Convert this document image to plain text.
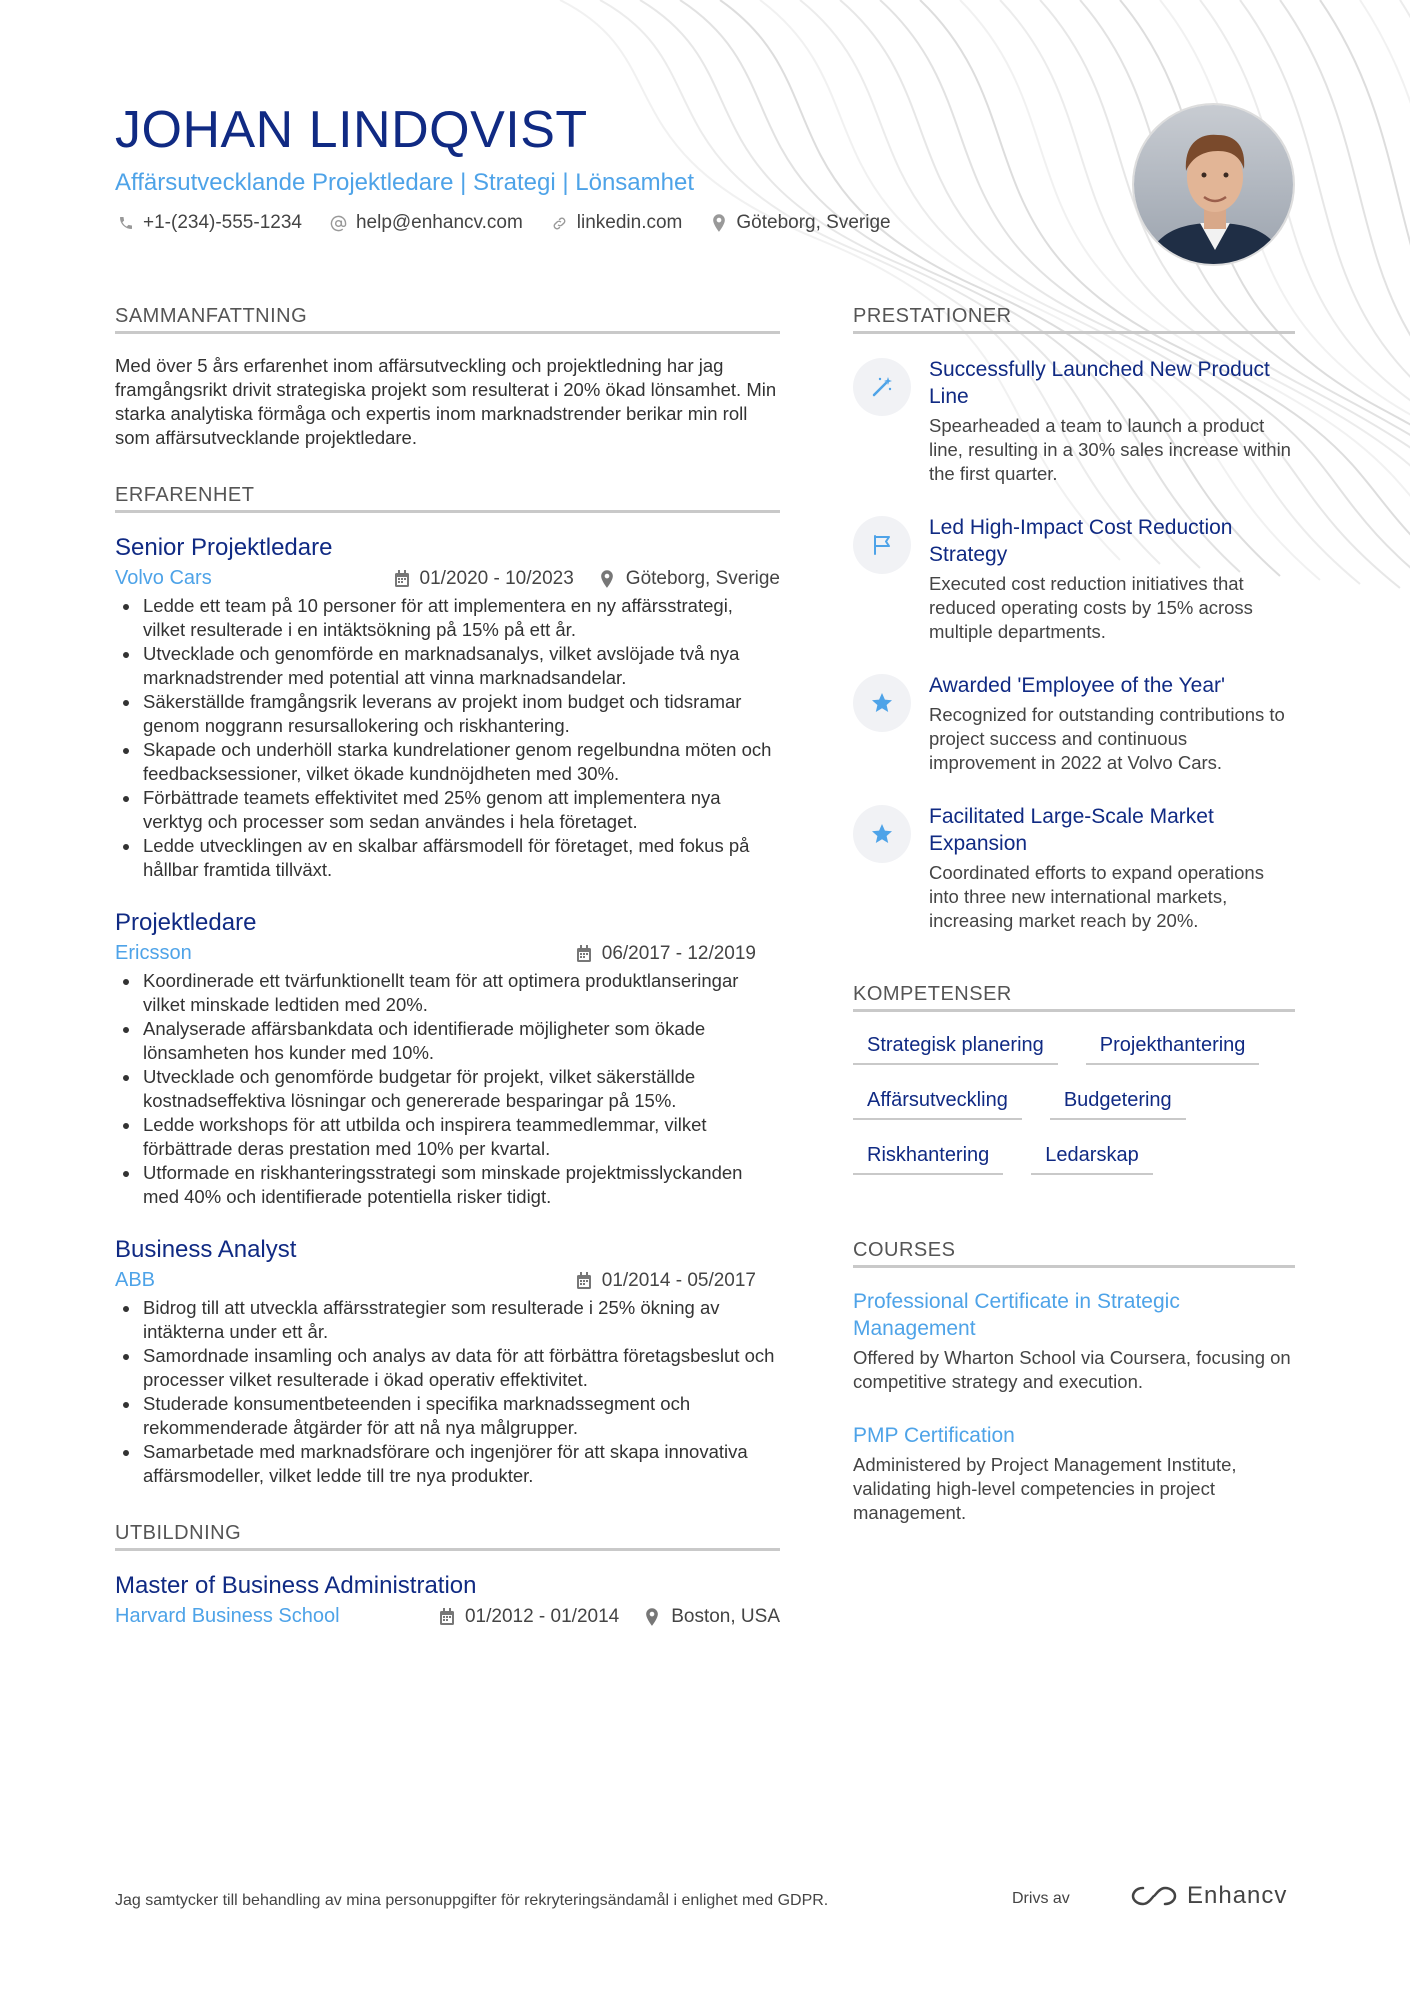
JOHAN LINDQVIST
Affärsutvecklande Projektledare | Strategi | Lönsamhet
+1-(234)-555-1234	help@enhancv.com	linkedin.com	Göteborg, Sverige
SAMMANFATTNING

Med över 5 års erfarenhet inom affärsutveckling och projektledning har jag framgångsrikt drivit strategiska projekt som resulterat i 20% ökad lönsamhet. Min starka analytiska förmåga och expertis inom marknadstrender berikar min roll som affärsutvecklande projektledare.

ERFARENHET
Senior Projektledare
Volvo Cars	01/2020 - 10/2023	Göteborg, Sverige
Ledde ett team på 10 personer för att implementera en ny affärsstrategi, vilket resulterade i en intäktsökning på 15% på ett år.
Utvecklade och genomförde en marknadsanalys, vilket avslöjade två nya marknadstrender med potential att vinna marknadsandelar.
Säkerställde framgångsrik leverans av projekt inom budget och tidsramar genom noggrann resursallokering och riskhantering.
Skapade och underhöll starka kundrelationer genom regelbundna möten och feedbacksessioner, vilket ökade kundnöjdheten med 30%.
Förbättrade teamets effektivitet med 25% genom att implementera nya verktyg och processer som sedan användes i hela företaget.
Ledde utvecklingen av en skalbar affärsmodell för företaget, med fokus på hållbar framtida tillväxt.
Projektledare
Ericsson	06/2017 - 12/2019
Koordinerade ett tvärfunktionellt team för att optimera produktlanseringar vilket minskade ledtiden med 20%.
Analyserade affärsbankdata och identifierade möjligheter som ökade lönsamheten hos kunder med 10%.
Utvecklade och genomförde budgetar för projekt, vilket säkerställde kostnadseffektiva lösningar och genererade besparingar på 15%.
Ledde workshops för att utbilda och inspirera teammedlemmar, vilket förbättrade deras prestation med 10% per kvartal.
Utformade en riskhanteringsstrategi som minskade projektmisslyckanden med 40% och identifierade potentiella risker tidigt.
Business Analyst
ABB	01/2014 - 05/2017
Bidrog till att utveckla affärsstrategier som resulterade i 25% ökning av intäkterna under ett år.
Samordnade insamling och analys av data för att förbättra företagsbeslut och processer vilket resulterade i ökad operativ effektivitet.
Studerade konsumentbeteenden i specifika marknadssegment och rekommenderade åtgärder för att nå nya målgrupper.
Samarbetade med marknadsförare och ingenjörer för att skapa innovativa affärsmodeller, vilket ledde till tre nya produkter.
UTBILDNING
Master of Business Administration
Harvard Business School	01/2012 - 01/2014	Boston, USA
PRESTATIONER
Successfully Launched New Product Line
Spearheaded a team to launch a product line, resulting in a 30% sales increase within the first quarter.
Led High-Impact Cost Reduction Strategy
Executed cost reduction initiatives that reduced operating costs by 15% across multiple departments.
Awarded 'Employee of the Year'
Recognized for outstanding contributions to project success and continuous improvement in 2022 at Volvo Cars.
Facilitated Large-Scale Market Expansion
Coordinated efforts to expand operations into three new international markets, increasing market reach by 20%.
KOMPETENSER
Strategisk planering	Projekthantering
Affärsutveckling	Budgetering
Riskhantering	Ledarskap
COURSES
Professional Certificate in Strategic Management
Offered by Wharton School via Coursera, focusing on competitive strategy and execution.
PMP Certification
Administered by Project Management Institute, validating high-level competencies in project management.
Jag samtycker till behandling av mina personuppgifter för rekryteringsändamål i enlighet med GDPR.	Drivs av	Enhancv
